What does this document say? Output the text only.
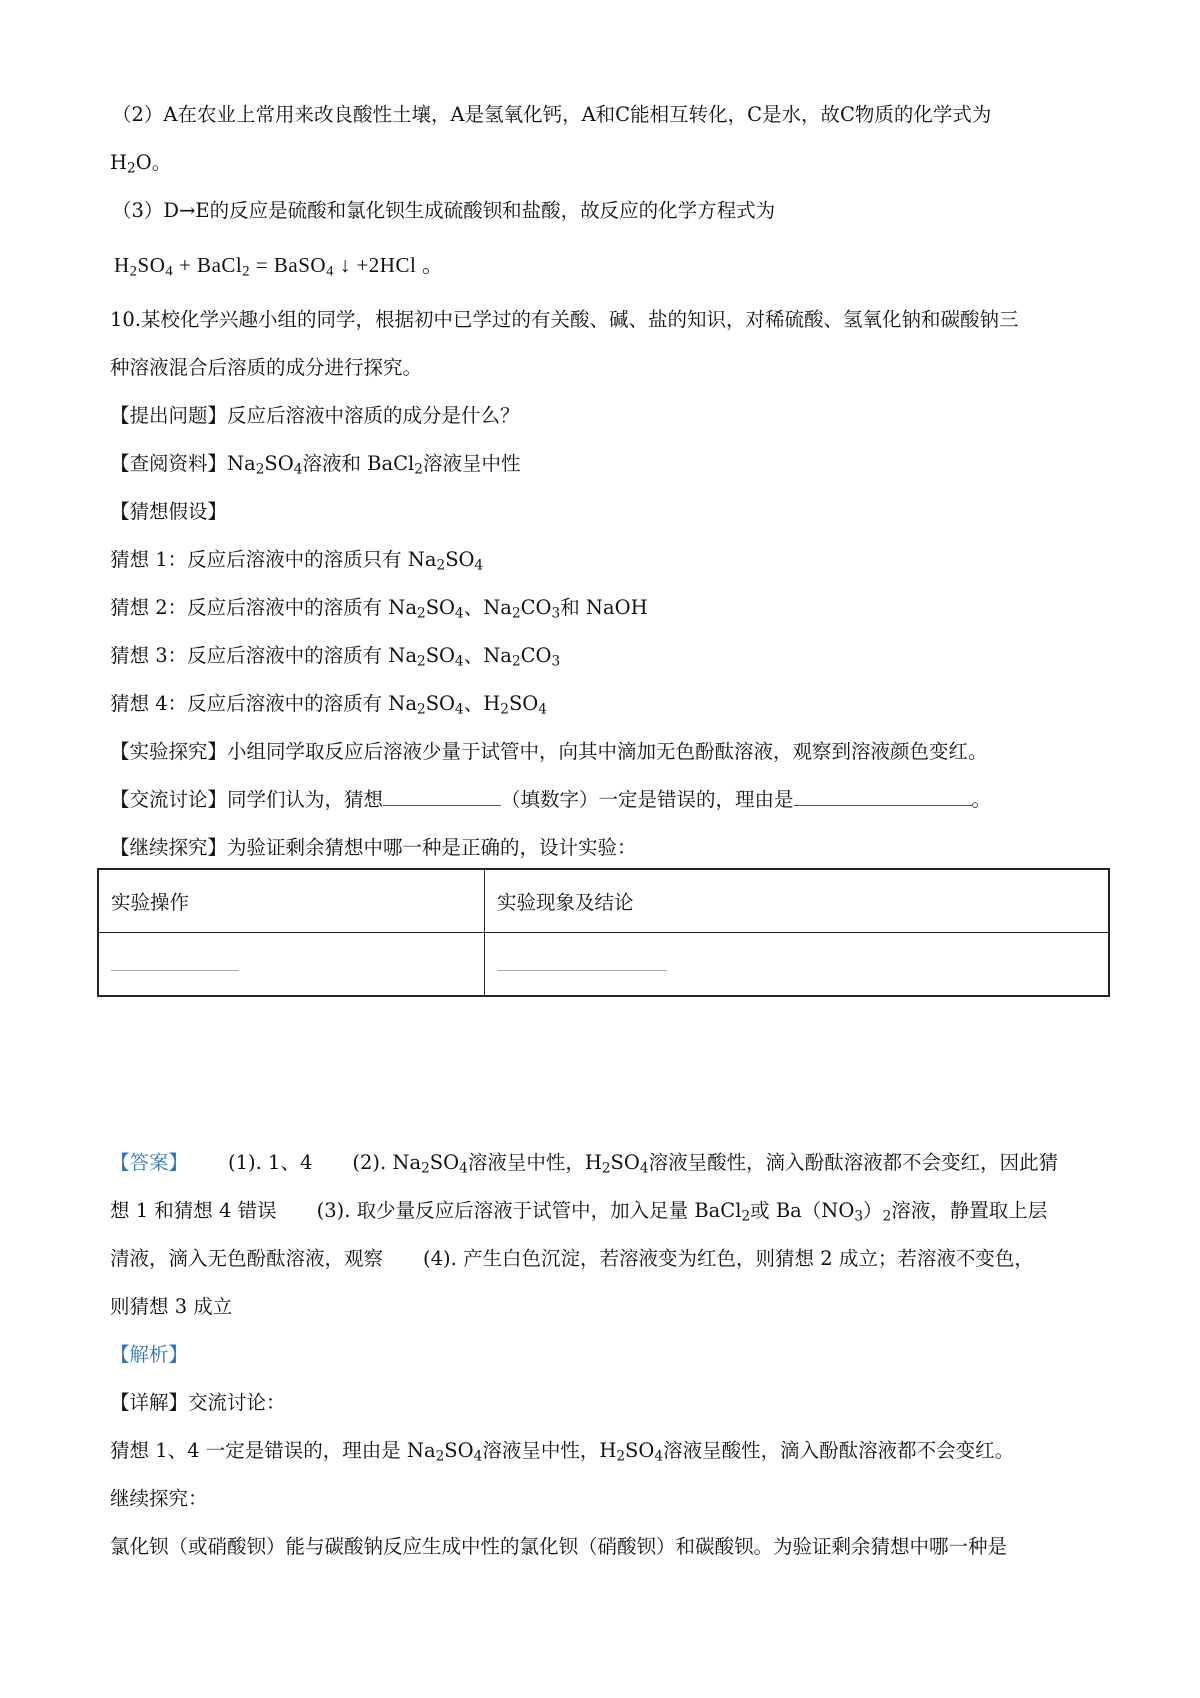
（2）A在农业上常用来改良酸性土壤，A是氢氧化钙，A和C能相互转化，C是水，故C物质的化学式为
$H_2O$。
（3）D→E的反应是硫酸和氯化钡生成硫酸钡和盐酸，故反应的化学方程式为
$H_2SO_4$ + BaCl$_2$ = BaSO$_4$ ↓ +2HCl 。
10.某校化学兴趣小组的同学，根据初中已学过的有关酸、碱、盐的知识，对稀硫酸、氢氧化钠和碳酸钠三
种溶液混合后溶质的成分进行探究。
【提出问题】反应后溶液中溶质的成分是什么？
【查阅资料】$Na_2SO_4$溶液和 BaCl$_2$溶液呈中性
【猜想假设】
猜想 1：反应后溶液中的溶质只有 $Na_2SO_4$
猜想 2：反应后溶液中的溶质有 $Na_2SO_4$、$Na_2CO_3$和 NaOH
猜想 3：反应后溶液中的溶质有 $Na_2SO_4$、$Na_2CO_3$
猜想 4：反应后溶液中的溶质有 $Na_2SO_4$、$H_2SO_4$
【实验探究】小组同学取反应后溶液少量于试管中，向其中滴加无色酚酞溶液，观察到溶液颜色变红。
【交流讨论】同学们认为，猜想	（填数字）一定是错误的，理由是	。
【继续探究】为验证剩余猜想中哪一种是正确的，设计实验：
实验操作	实验现象及结论

【答案】 (1). 1、4 (2). $Na_2SO_4$溶液呈中性，$H_2SO_4$溶液呈酸性，滴入酚酞溶液都不会变红，因此猜
想 1 和猜想 4 错误 (3). 取少量反应后溶液于试管中，加入足量 BaCl$_2$或 $Ba(NO_3)_2$溶液，静置取上层
清液，滴入无色酚酞溶液，观察 (4). 产生白色沉淀，若溶液变为红色，则猜想 2 成立；若溶液不变色，
则猜想 3 成立
【解析】
【详解】交流讨论：
猜想 1、4 一定是错误的，理由是 $Na_2SO_4$溶液呈中性，$H_2SO_4$溶液呈酸性，滴入酚酞溶液都不会变红。
继续探究：
氯化钡（或硝酸钡）能与碳酸钠反应生成中性的氯化钡（硝酸钡）和碳酸钡。为验证剩余猜想中哪一种是
